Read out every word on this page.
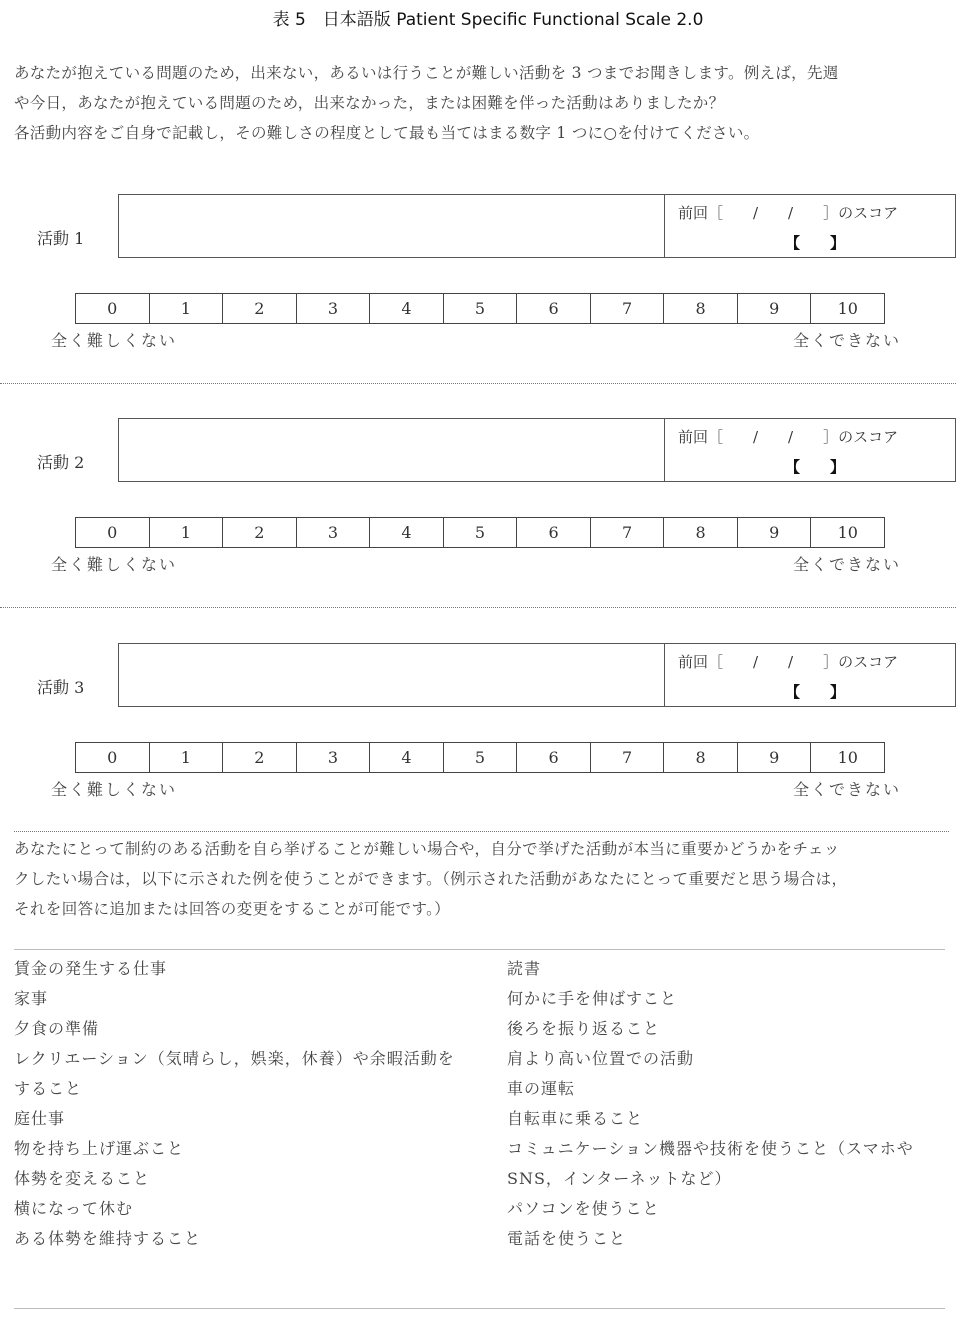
表 5　日本語版 Patient Specific Functional Scale 2.0

あなたが抱えている問題のため，出来ない，あるいは行うことが難しい活動を 3 つまでお聞きします。例えば，先週

や今日，あなたが抱えている問題のため，出来なかった，または困難を伴った活動はありましたか？

各活動内容をご自身で記載し，その難しさの程度として最も当てはまる数字 1 つに○を付けてください。

活動 1
前回［　　/　　/　　］のスコア
【　　】
0	1	2	3	4	5	6	7	8	9	10
全く難しくない	全くできない
活動 2
前回［　　/　　/　　］のスコア
【　　】
0	1	2	3	4	5	6	7	8	9	10
全く難しくない	全くできない
活動 3
前回［　　/　　/　　］のスコア
【　　】
0	1	2	3	4	5	6	7	8	9	10
全く難しくない	全くできない

あなたにとって制約のある活動を自ら挙げることが難しい場合や，自分で挙げた活動が本当に重要かどうかをチェッ

クしたい場合は，以下に示された例を使うことができます。（例示された活動があなたにとって重要だと思う場合は，

それを回答に追加または回答の変更をすることが可能です。）

賃金の発生する仕事
家事
夕食の準備
レクリエーション（気晴らし，娯楽，休養）や余暇活動を
すること
庭仕事
物を持ち上げ運ぶこと
体勢を変えること
横になって休む
ある体勢を維持すること
読書
何かに手を伸ばすこと
後ろを振り返ること
肩より高い位置での活動
車の運転
自転車に乗ること
コミュニケーション機器や技術を使うこと（スマホや
SNS，インターネットなど）
パソコンを使うこと
電話を使うこと
